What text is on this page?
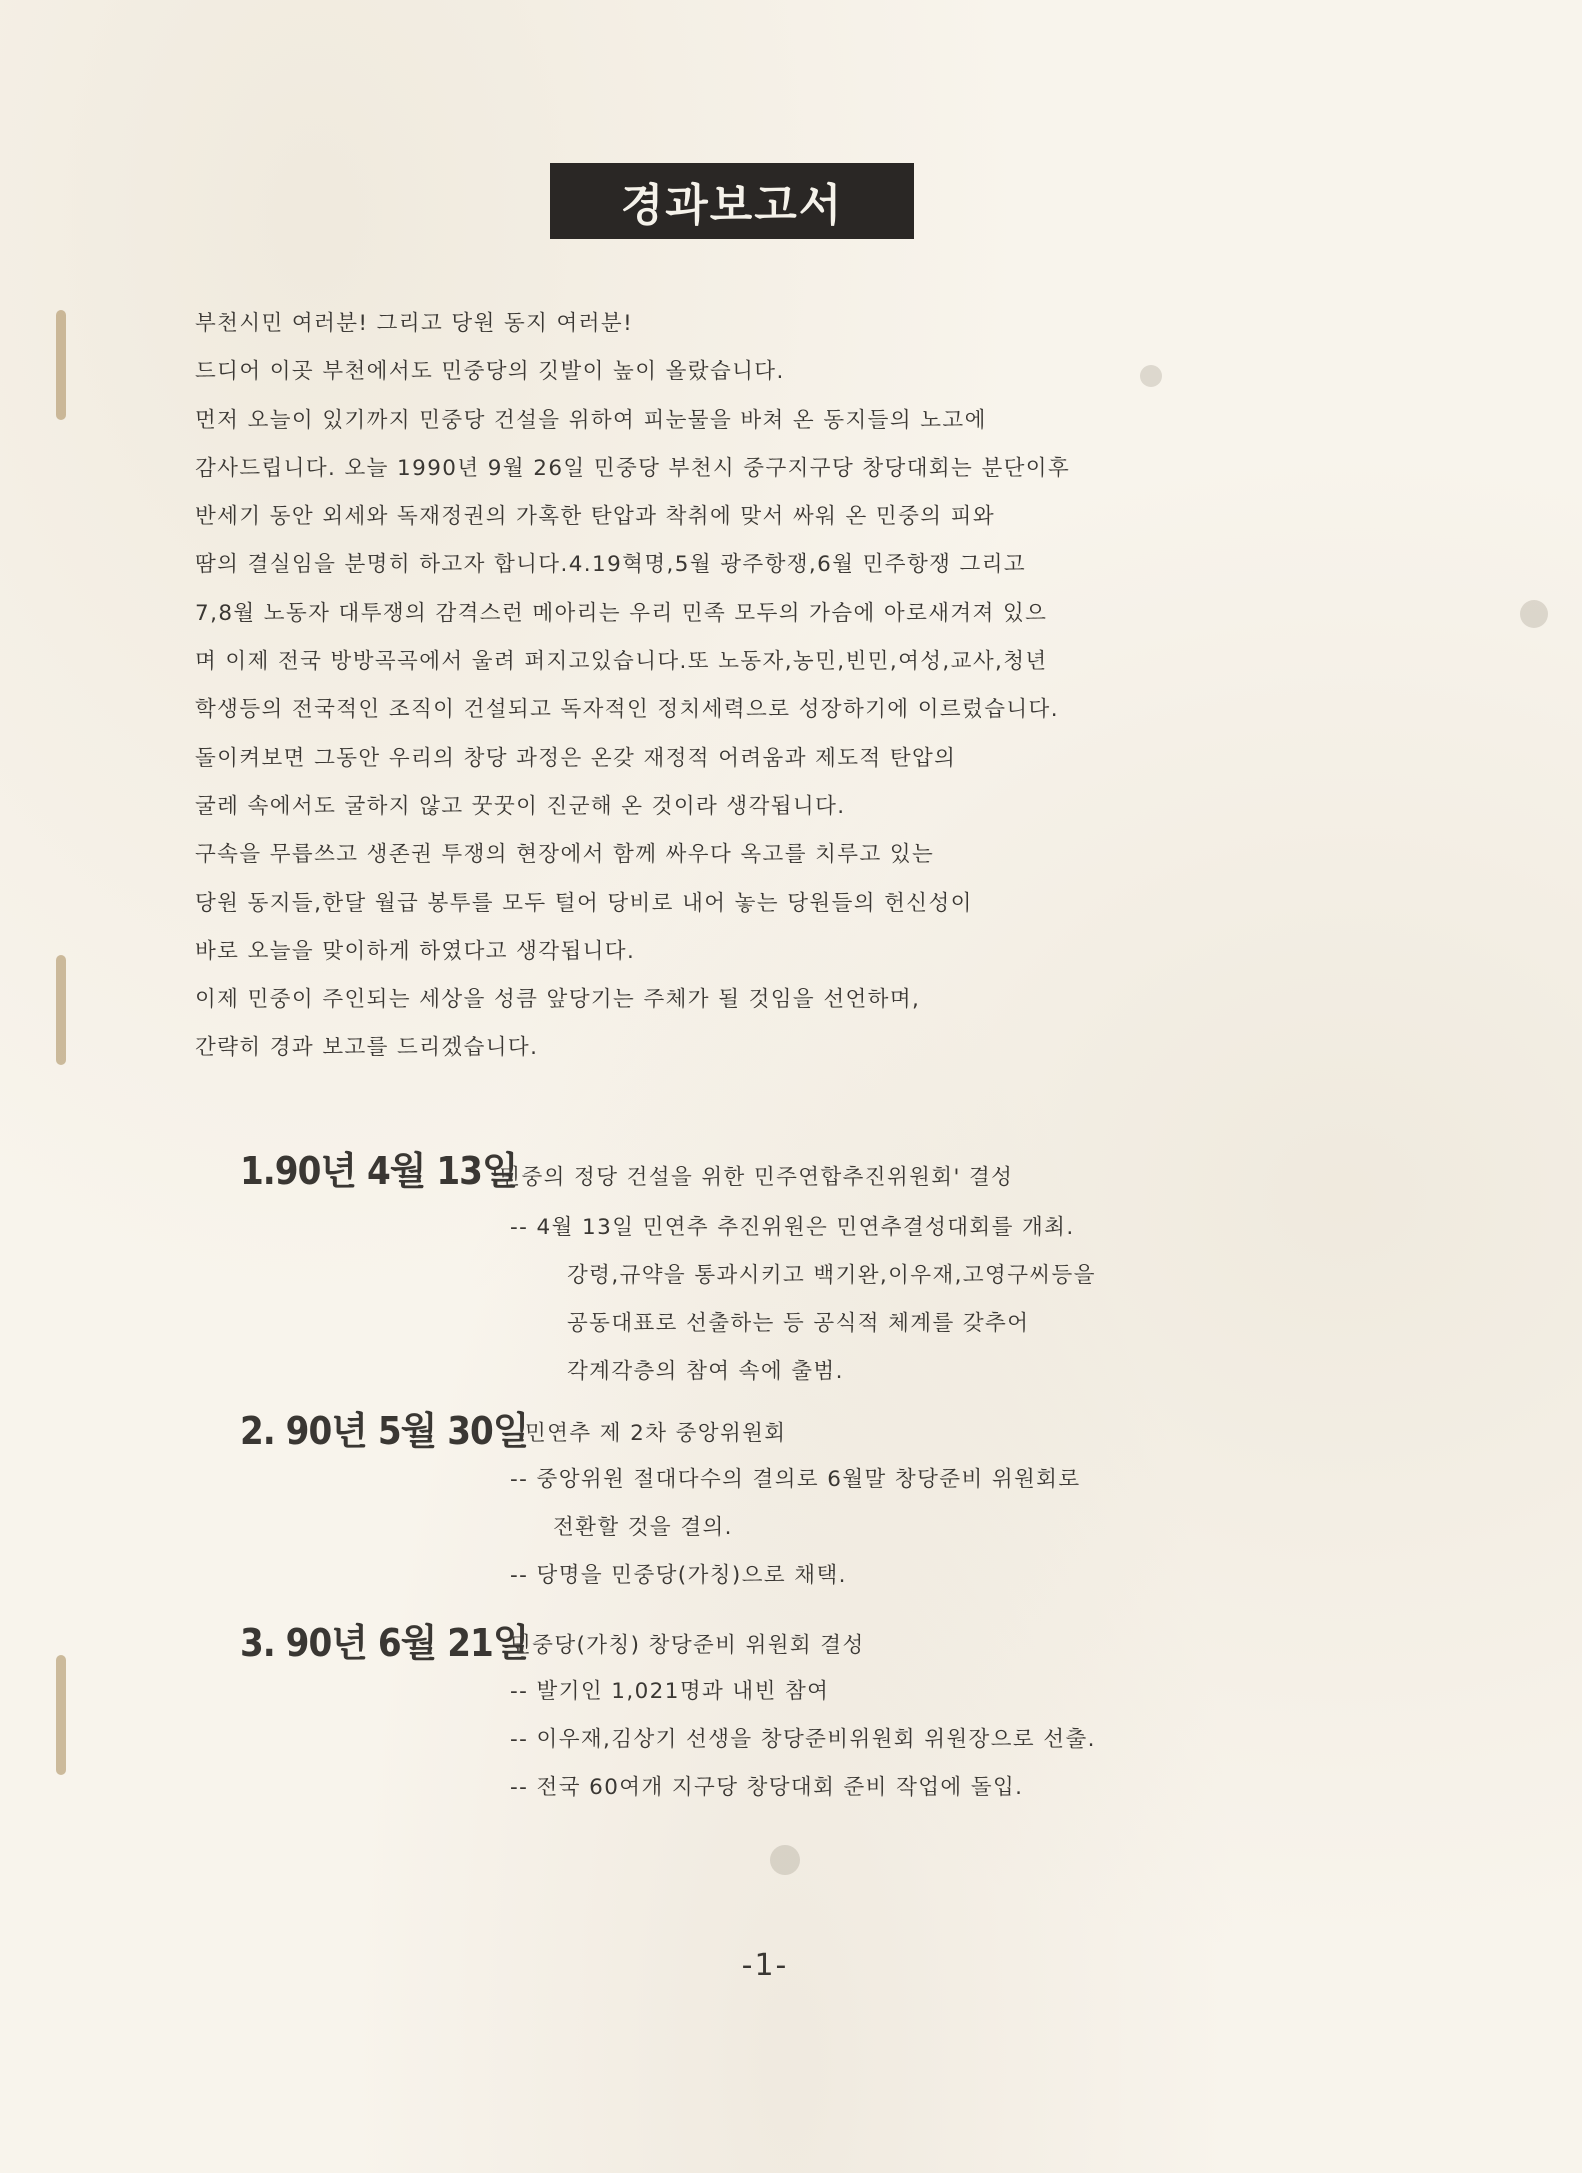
경과보고서
부천시민 여러분! 그리고 당원 동지 여러분!
드디어 이곳 부천에서도 민중당의 깃발이 높이 올랐습니다.
먼저 오늘이 있기까지 민중당 건설을 위하여 피눈물을 바쳐 온 동지들의 노고에
감사드립니다. 오늘 1990년 9월 26일 민중당 부천시 중구지구당 창당대회는 분단이후
반세기 동안 외세와 독재정권의 가혹한 탄압과 착취에 맞서 싸워 온 민중의 피와
땀의 결실임을 분명히 하고자 합니다.4.19혁명,5월 광주항쟁,6월 민주항쟁 그리고
7,8월 노동자 대투쟁의 감격스런 메아리는 우리 민족 모두의 가슴에 아로새겨져 있으
며 이제 전국 방방곡곡에서 울려 퍼지고있습니다.또 노동자,농민,빈민,여성,교사,청년
학생등의 전국적인 조직이 건설되고 독자적인 정치세력으로 성장하기에 이르렀습니다.
돌이켜보면 그동안 우리의 창당 과정은 온갖 재정적 어려움과 제도적 탄압의
굴레 속에서도 굴하지 않고 꿋꿋이 진군해 온 것이라 생각됩니다.
구속을 무릅쓰고 생존권 투쟁의 현장에서 함께 싸우다 옥고를 치루고 있는
당원 동지들,한달 월급 봉투를 모두 털어 당비로 내어 놓는 당원들의 헌신성이
바로 오늘을 맞이하게 하였다고 생각됩니다.
이제 민중이 주인되는 세상을 성큼 앞당기는 주체가 될 것임을 선언하며,
간략히 경과 보고를 드리겠습니다.
1.90년 4월 13일
'민중의 정당 건설을 위한 민주연합추진위원회' 결성
-- 4월 13일 민연추 추진위원은 민연추결성대회를 개최.
강령,규약을 통과시키고 백기완,이우재,고영구씨등을
공동대표로 선출하는 등 공식적 체계를 갖추어
각계각층의 참여 속에 출범.
2. 90년 5월 30일
민연추 제 2차 중앙위원회
-- 중앙위원 절대다수의 결의로 6월말 창당준비 위원회로
전환할 것을 결의.
-- 당명을 민중당(가칭)으로 채택.
3. 90년 6월 21일
민중당(가칭) 창당준비 위원회 결성
-- 발기인 1,021명과 내빈 참여
-- 이우재,김상기 선생을 창당준비위원회 위원장으로 선출.
-- 전국 60여개 지구당 창당대회 준비 작업에 돌입.
-1-
